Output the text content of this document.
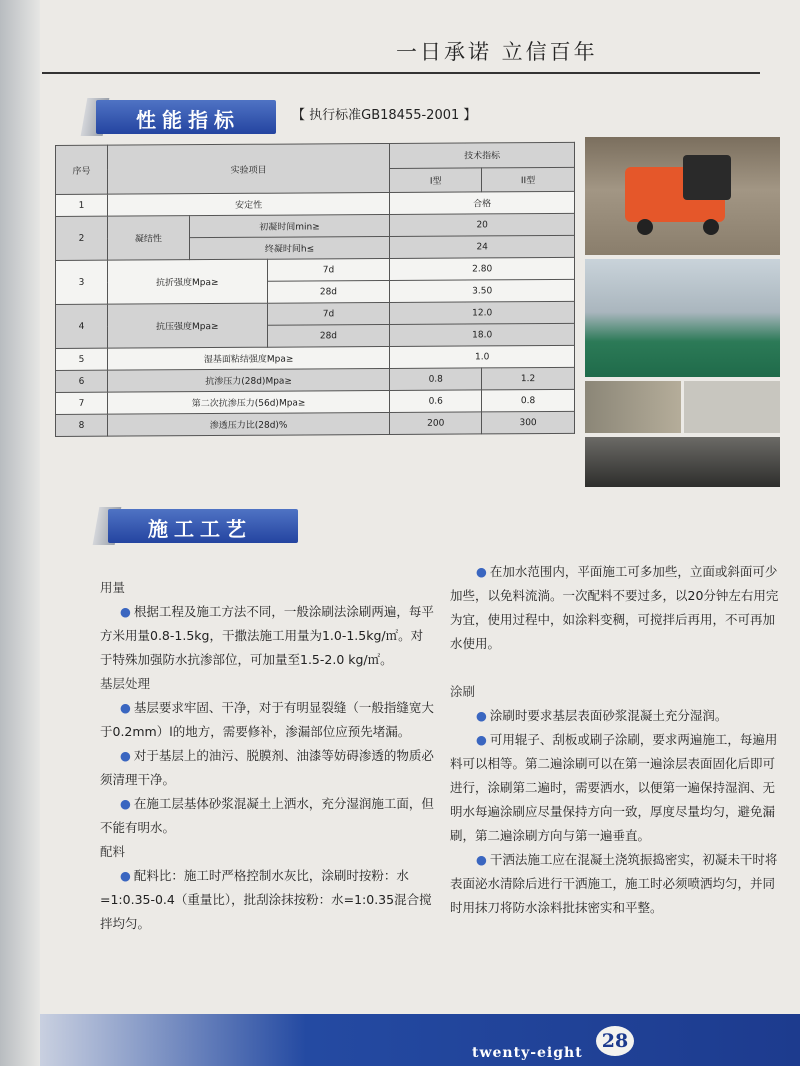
一日承诺 立信百年
性能指标	【 执行标准GB18455-2001 】
序号	实验项目			技术指标	
				I型	II型
1	安定性			合格	
2	凝结性	初凝时间min≥		20	
		终凝时间h≤		24	
3	抗折强度Mpa≥		7d	2.80	
			28d	3.50	
4	抗压强度Mpa≥		7d	12.0	
			28d	18.0	
5	湿基面粘结强度Mpa≥			1.0	
6	抗渗压力(28d)Mpa≥			0.8	1.2
7	第二次抗渗压力(56d)Mpa≥			0.6	0.8
8	渗透压力比(28d)%			200	300
施工工艺
用量
● 根据工程及施工方法不同，一般涂刷法涂刷两遍，每平方米用量0.8-1.5kg，干撒法施工用量为1.0-1.5kg/㎡。对于特殊加强防水抗渗部位，可加量至1.5-2.0 kg/㎡。
基层处理
● 基层要求牢固、干净，对于有明显裂缝（一般指缝宽大于0.2mm）l的地方，需要修补，渗漏部位应预先堵漏。
● 对于基层上的油污、脱膜剂、油漆等妨碍渗透的物质必须清理干净。
● 在施工层基体砂浆混凝土上洒水，充分湿润施工面，但不能有明水。
配料
● 配料比：施工时严格控制水灰比，涂刷时按粉：水=1:0.35-0.4（重量比），批刮涂抹按粉：水=1:0.35混合搅拌均匀。
● 在加水范围内，平面施工可多加些，立面或斜面可少加些，以免料流淌。一次配料不要过多，以20分钟左右用完为宜，使用过程中，如涂料变稠，可搅拌后再用，不可再加水使用。
涂刷
● 涂刷时要求基层表面砂浆混凝土充分湿润。
● 可用辊子、刮板或刷子涂刷，要求两遍施工，每遍用料可以相等。第二遍涂刷可以在第一遍涂层表面固化后即可进行，涂刷第二遍时，需要洒水，以便第一遍保持湿润、无明水每遍涂刷应尽量保持方向一致，厚度尽量均匀，避免漏刷，第二遍涂刷方向与第一遍垂直。
● 干洒法施工应在混凝土浇筑振捣密实，初凝未干时将表面泌水清除后进行干洒施工，施工时必须喷洒均匀，并同时用抹刀将防水涂料批抹密实和平整。
twenty-eight
28
